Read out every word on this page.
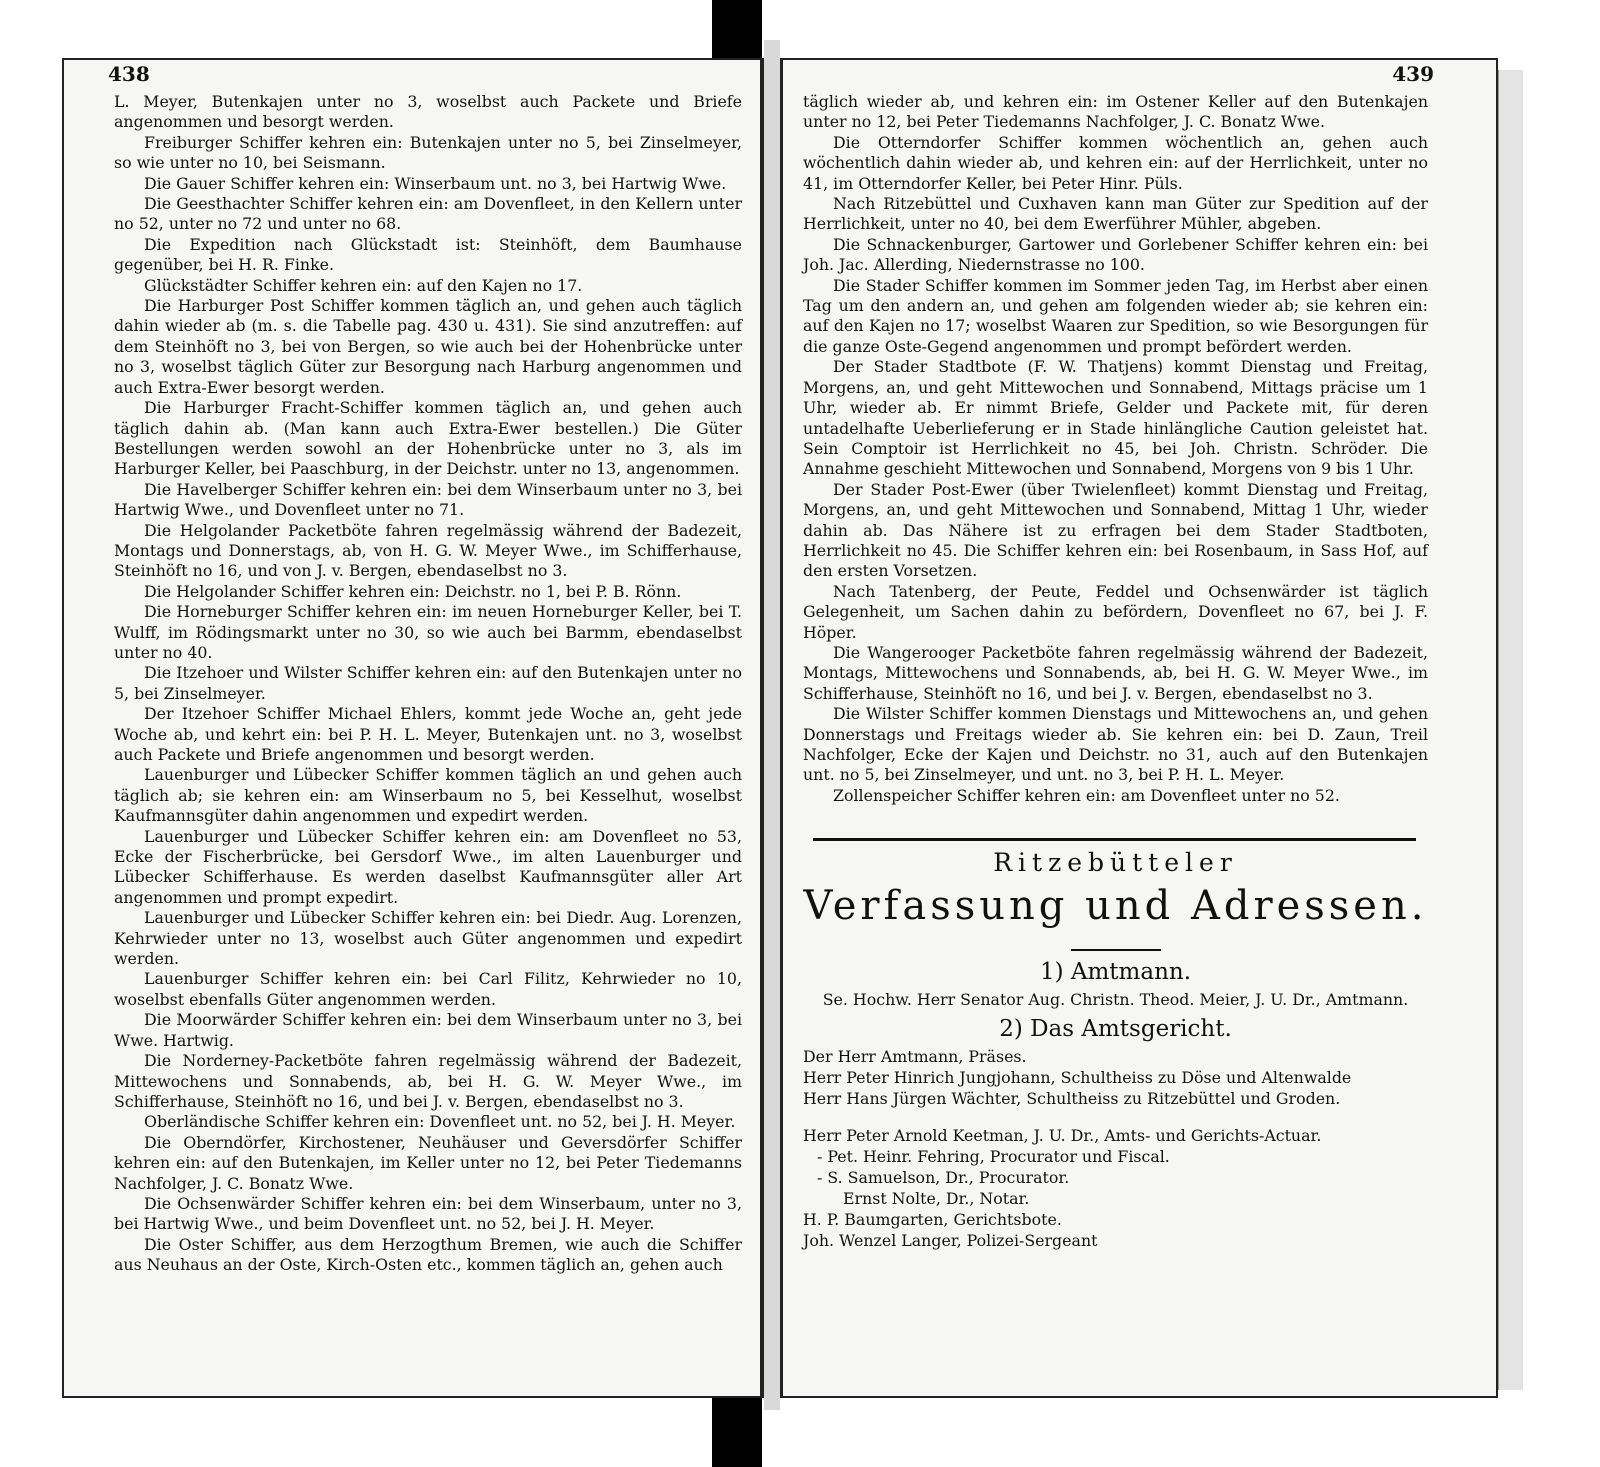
438

L. Meyer, Butenkajen unter no 3, woselbst auch Packete und Briefe angenommen und besorgt werden.

Freiburger Schiffer kehren ein: Butenkajen unter no 5, bei Zinselmeyer, so wie unter no 10, bei Seismann.

Die Gauer Schiffer kehren ein: Winserbaum unt. no 3, bei Hartwig Wwe.

Die Geesthachter Schiffer kehren ein: am Dovenfleet, in den Kellern unter no 52, unter no 72 und unter no 68.

Die Expedition nach Glückstadt ist: Steinhöft, dem Baumhause gegenüber, bei H. R. Finke.

Glückstädter Schiffer kehren ein: auf den Kajen no 17.

Die Harburger Post Schiffer kommen täglich an, und gehen auch täglich dahin wieder ab (m. s. die Tabelle pag. 430 u. 431). Sie sind anzutreffen: auf dem Steinhöft no 3, bei von Bergen, so wie auch bei der Hohenbrücke unter no 3, woselbst täglich Güter zur Besorgung nach Harburg angenommen und auch Extra-Ewer besorgt werden.

Die Harburger Fracht-Schiffer kommen täglich an, und gehen auch täglich dahin ab. (Man kann auch Extra-Ewer bestellen.) Die Güter Bestellungen werden sowohl an der Hohenbrücke unter no 3, als im Harburger Keller, bei Paaschburg, in der Deichstr. unter no 13, angenommen.

Die Havelberger Schiffer kehren ein: bei dem Winserbaum unter no 3, bei Hartwig Wwe., und Dovenfleet unter no 71.

Die Helgolander Packetböte fahren regelmässig während der Badezeit, Montags und Donnerstags, ab, von H. G. W. Meyer Wwe., im Schifferhause, Steinhöft no 16, und von J. v. Bergen, ebendaselbst no 3.

Die Helgolander Schiffer kehren ein: Deichstr. no 1, bei P. B. Rönn.

Die Horneburger Schiffer kehren ein: im neuen Horneburger Keller, bei T. Wulff, im Rödingsmarkt unter no 30, so wie auch bei Barmm, ebendaselbst unter no 40.

Die Itzehoer und Wilster Schiffer kehren ein: auf den Butenkajen unter no 5, bei Zinselmeyer.

Der Itzehoer Schiffer Michael Ehlers, kommt jede Woche an, geht jede Woche ab, und kehrt ein: bei P. H. L. Meyer, Butenkajen unt. no 3, woselbst auch Packete und Briefe angenommen und besorgt werden.

Lauenburger und Lübecker Schiffer kommen täglich an und gehen auch täglich ab; sie kehren ein: am Winserbaum no 5, bei Kesselhut, woselbst Kaufmannsgüter dahin angenommen und expedirt werden.

Lauenburger und Lübecker Schiffer kehren ein: am Dovenfleet no 53, Ecke der Fischerbrücke, bei Gersdorf Wwe., im alten Lauenburger und Lübecker Schifferhause. Es werden daselbst Kaufmannsgüter aller Art angenommen und prompt expedirt.

Lauenburger und Lübecker Schiffer kehren ein: bei Diedr. Aug. Lorenzen, Kehrwieder unter no 13, woselbst auch Güter angenommen und expedirt werden.

Lauenburger Schiffer kehren ein: bei Carl Filitz, Kehrwieder no 10, woselbst ebenfalls Güter angenommen werden.

Die Moorwärder Schiffer kehren ein: bei dem Winserbaum unter no 3, bei Wwe. Hartwig.

Die Norderney-Packetböte fahren regelmässig während der Badezeit, Mittewochens und Sonnabends, ab, bei H. G. W. Meyer Wwe., im Schifferhause, Steinhöft no 16, und bei J. v. Bergen, ebendaselbst no 3.

Oberländische Schiffer kehren ein: Dovenfleet unt. no 52, bei J. H. Meyer.

Die Oberndörfer, Kirchostener, Neuhäuser und Geversdörfer Schiffer kehren ein: auf den Butenkajen, im Keller unter no 12, bei Peter Tiedemanns Nachfolger, J. C. Bonatz Wwe.

Die Ochsenwärder Schiffer kehren ein: bei dem Winserbaum, unter no 3, bei Hartwig Wwe., und beim Dovenfleet unt. no 52, bei J. H. Meyer.

Die Oster Schiffer, aus dem Herzogthum Bremen, wie auch die Schiffer aus Neuhaus an der Oste, Kirch-Osten etc., kommen täglich an, gehen auch

439

täglich wieder ab, und kehren ein: im Ostener Keller auf den Butenkajen unter no 12, bei Peter Tiedemanns Nachfolger, J. C. Bonatz Wwe.

Die Otterndorfer Schiffer kommen wöchentlich an, gehen auch wöchentlich dahin wieder ab, und kehren ein: auf der Herrlichkeit, unter no 41, im Otterndorfer Keller, bei Peter Hinr. Püls.

Nach Ritzebüttel und Cuxhaven kann man Güter zur Spedition auf der Herrlichkeit, unter no 40, bei dem Ewerführer Mühler, abgeben.

Die Schnackenburger, Gartower und Gorlebener Schiffer kehren ein: bei Joh. Jac. Allerding, Niedernstrasse no 100.

Die Stader Schiffer kommen im Sommer jeden Tag, im Herbst aber einen Tag um den andern an, und gehen am folgenden wieder ab; sie kehren ein: auf den Kajen no 17; woselbst Waaren zur Spedition, so wie Besorgungen für die ganze Oste-Gegend angenommen und prompt befördert werden.

Der Stader Stadtbote (F. W. Thatjens) kommt Dienstag und Freitag, Morgens, an, und geht Mittewochen und Sonnabend, Mittags präcise um 1 Uhr, wieder ab. Er nimmt Briefe, Gelder und Packete mit, für deren untadelhafte Ueberlieferung er in Stade hinlängliche Caution geleistet hat. Sein Comptoir ist Herrlichkeit no 45, bei Joh. Christn. Schröder. Die Annahme geschieht Mittewochen und Sonnabend, Morgens von 9 bis 1 Uhr.

Der Stader Post-Ewer (über Twielenfleet) kommt Dienstag und Freitag, Morgens, an, und geht Mittewochen und Sonnabend, Mittag 1 Uhr, wieder dahin ab. Das Nähere ist zu erfragen bei dem Stader Stadtboten, Herrlichkeit no 45. Die Schiffer kehren ein: bei Rosenbaum, in Sass Hof, auf den ersten Vorsetzen.

Nach Tatenberg, der Peute, Feddel und Ochsenwärder ist täglich Gelegenheit, um Sachen dahin zu befördern, Dovenfleet no 67, bei J. F. Höper.

Die Wangerooger Packetböte fahren regelmässig während der Badezeit, Montags, Mittewochens und Sonnabends, ab, bei H. G. W. Meyer Wwe., im Schifferhause, Steinhöft no 16, und bei J. v. Bergen, ebendaselbst no 3.

Die Wilster Schiffer kommen Dienstags und Mittewochens an, und gehen Donnerstags und Freitags wieder ab. Sie kehren ein: bei D. Zaun, Treil Nachfolger, Ecke der Kajen und Deichstr. no 31, auch auf den Butenkajen unt. no 5, bei Zinselmeyer, und unt. no 3, bei P. H. L. Meyer.

Zollenspeicher Schiffer kehren ein: am Dovenfleet unter no 52.

Ritzebütteler
Verfassung und Adressen.
1) Amtmann.

Se. Hochw. Herr Senator Aug. Christn. Theod. Meier, J. U. Dr., Amtmann.

2) Das Amtsgericht.

Der Herr Amtmann, Präses.

Herr Peter Hinrich Jungjohann, Schultheiss zu Döse und Altenwalde

Herr Hans Jürgen Wächter, Schultheiss zu Ritzebüttel und Groden.

Herr Peter Arnold Keetman, J. U. Dr., Amts- und Gerichts-Actuar.

- Pet. Heinr. Fehring, Procurator und Fiscal.

- S. Samuelson, Dr., Procurator.

Ernst Nolte, Dr., Notar.

H. P. Baumgarten, Gerichtsbote.

Joh. Wenzel Langer, Polizei-Sergeant
